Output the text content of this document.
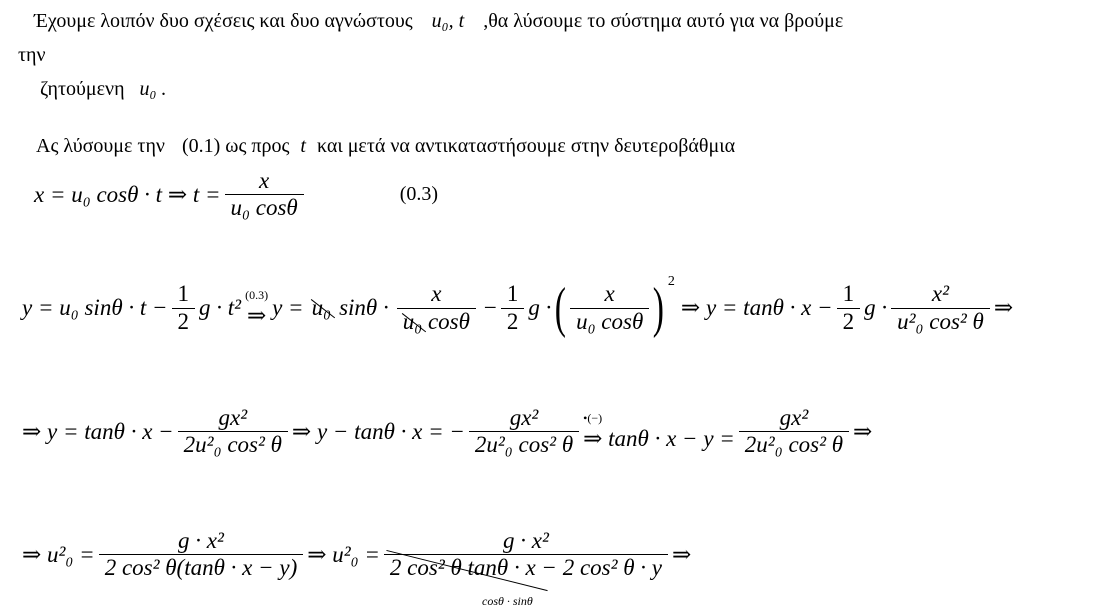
Έχουμε λοιπόν δυο σχέσεις και δυο αγνώστους u₀, t ,θα λύσουμε το σύστημα αυτό για να βρούμε
την
ζητούμενη u₀ .
Ας λύσουμε την (0.1) ως προς t και μετά να αντικαταστήσουμε στην δευτεροβάθμια
x = u₀ cosθ · t ⇒ $t = \frac{x}{\text{u₀ cosθ}}$	(0.3)
y = u₀ $\sin\theta \cdot t - \frac{1}{2}$ g · t²
(0.3)
⇒ y = u₀ $\sin\theta \cdot \frac{x}{\text{u₀ cosθ}} - \frac{1}{2}$ g · ( $\frac{x}{\text{u₀ cosθ}}$ ) 2
⇒ $y = \tan\theta \cdot x - \frac{1}{2}$ $g \cdot \frac{\text{x²}}{\text{u²₀ cos² θ}}$ ⇒
⇒ $y = \tan\theta \cdot x - \frac{\text{gx²}}{\text{2u²₀ cos² θ}}$ ⇒ y − tanθ · x = − $\frac{\text{gx²}}{\text{2u²₀ cos² θ}}$ •(−)
⇒ $\tan\theta \cdot x - y = \frac{\text{gx²}}{\text{2u²₀ cos² θ}}$ ⇒
⇒ $u^2_0 = \frac{\text{g · x²}}{\text{2 cos² θ(tanθ · x − y)}}$ ⇒ $u^2_0 = \frac{\text{g · x²}}{\text{2 cos² θ tanθ · x − 2 cos² θ · y}}$ ⇒
cosθ · sinθ
